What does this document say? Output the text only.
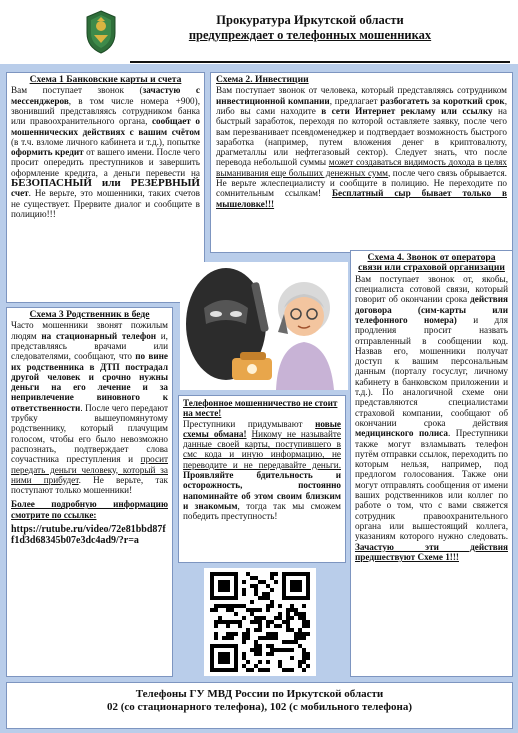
Прокуратура Иркутской области
предупреждает о телефонных мошенниках
Схема 1 Банковские карты и счета
Вам поступает звонок (зачастую с мессенджеров, в том числе номера +900), звонивший представляясь сотрудником банка или правоохранительного органа, сообщает о мошеннических действиях с вашим счётом (в т.ч. взломе личного кабинета и т.д.), попытке оформить кредит от вашего имени. После чего просит опередить преступников и завершить оформление кредита, а деньги перевести на БЕЗОПАСНЫЙ или РЕЗЕРВНЫЙ счет. Не верьте, это мошенники, таких счетов не существует. Прервите диалог и сообщите в полицию!!!
Схема 2. Инвестиции
Вам поступает звонок от человека, который представляясь сотрудником инвестиционной компании, предлагает разбогатеть за короткий срок, либо вы сами находите в сети Интернет рекламу или ссылку на быстрый заработок, переходя по которой оставляете заявку, после чего вам перезванивает псевдоменеджер и подтвердает возможность быстрого заработка (например, путем вложения денег в криптовалюту, драгметаллы или нефтегазовый сектор). Следует знать, что после перевода небольшой суммы может создаваться видимость дохода в целях выманивания еще больших денежных сумм, после чего связь обрывается. Не верьте жлеспециалисту и сообщите в полицию. Не переходите по сомнительным ссылкам! Бесплатный сыр бывает только в мышеловке!!!
Схема 3 Родственник в беде
Часто мошенники звонят пожилым людям на стационарный телефон и, представляясь врачами или следователями, сообщают, что по вине их родственника в ДТП пострадал другой человек и срочно нужны деньги на его лечение и за непривлечение виновного к ответственности. После чего передают трубку вышеупомянутому родственнику, который плачущим голосом, чтобы его было невозможно распознать, подтверждает слова соучастника преступления и просит передать деньги человеку, который за ними прибудет. Не верьте, так поступают только мошенники!
Более подробную информацию смотрите по ссылке:
https://rutube.ru/video/72e81bbd87ff1d3d68345b07e3dc4ad9/?r=a
Телефонное мошенничество не стоит на месте!
Преступники придумывают новые схемы обмана! Никому не называйте данные своей карты, поступившего в смс кода и иную информацию, не переводите и не передавайте деньги. Проявляйте бдительность и осторожность, постоянно напоминайте об этом своим близким и знакомым, тогда так мы сможем победить преступность!
Схема 4. Звонок от оператора связи или страховой организации
Вам поступает звонок от, якобы, специалиста сотовой связи, который говорит об окончании срока действия договора (сим-карты или телефонного номера) и для продления просит назвать отправленный в сообщении код. Назвав его, мошенники получат доступ к вашим персональным данным (порталу госуслуг, личному кабинету в банковском приложении и т.д.). По аналогичной схеме они представляются специалистами страховой компании, сообщают об окончании срока действия медицинского полиса. Преступники также могут взламывать телефон путём отправки ссылок, переходить по которым нельзя, например, под предлогом голосования. Также они могут отправлять сообщения от имени ваших родственников или коллег по работе о том, что с вами свяжется сотрудник правоохранительного органа или вышестоящий коллега, указаниям которого нужно следовать. Зачастую эти действия предшествуют Схеме 1!!!
Телефоны ГУ МВД России по Иркутской области
02 (со стационарного телефона), 102 (с мобильного телефона)
